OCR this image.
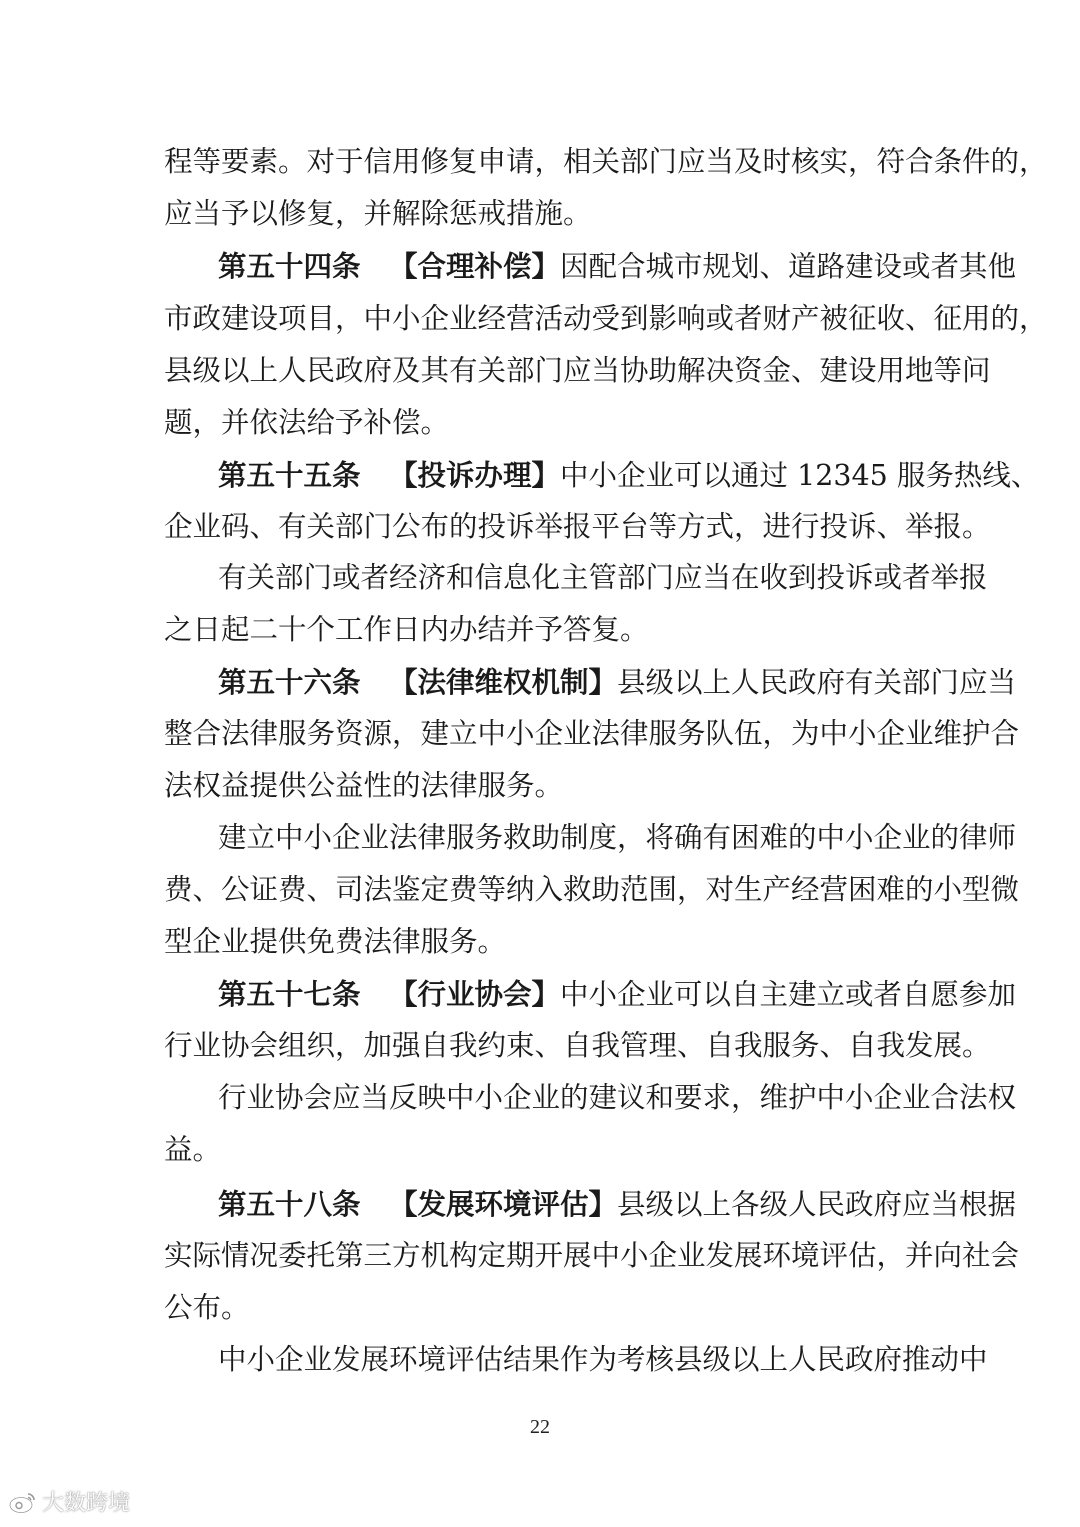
程等要素。对于信用修复申请，相关部门应当及时核实，符合条件的，
应当予以修复，并解除惩戒措施。
第五十四条  【合理补偿】因配合城市规划、道路建设或者其他
市政建设项目，中小企业经营活动受到影响或者财产被征收、征用的，
县级以上人民政府及其有关部门应当协助解决资金、建设用地等问
题，并依法给予补偿。
第五十五条  【投诉办理】中小企业可以通过 12345 服务热线、
企业码、有关部门公布的投诉举报平台等方式，进行投诉、举报。
有关部门或者经济和信息化主管部门应当在收到投诉或者举报
之日起二十个工作日内办结并予答复。
第五十六条  【法律维权机制】县级以上人民政府有关部门应当
整合法律服务资源，建立中小企业法律服务队伍，为中小企业维护合
法权益提供公益性的法律服务。
建立中小企业法律服务救助制度，将确有困难的中小企业的律师
费、公证费、司法鉴定费等纳入救助范围，对生产经营困难的小型微
型企业提供免费法律服务。
第五十七条  【行业协会】中小企业可以自主建立或者自愿参加
行业协会组织，加强自我约束、自我管理、自我服务、自我发展。
行业协会应当反映中小企业的建议和要求，维护中小企业合法权
益。
第五十八条  【发展环境评估】县级以上各级人民政府应当根据
实际情况委托第三方机构定期开展中小企业发展环境评估，并向社会
公布。
中小企业发展环境评估结果作为考核县级以上人民政府推动中
22
大数跨境
